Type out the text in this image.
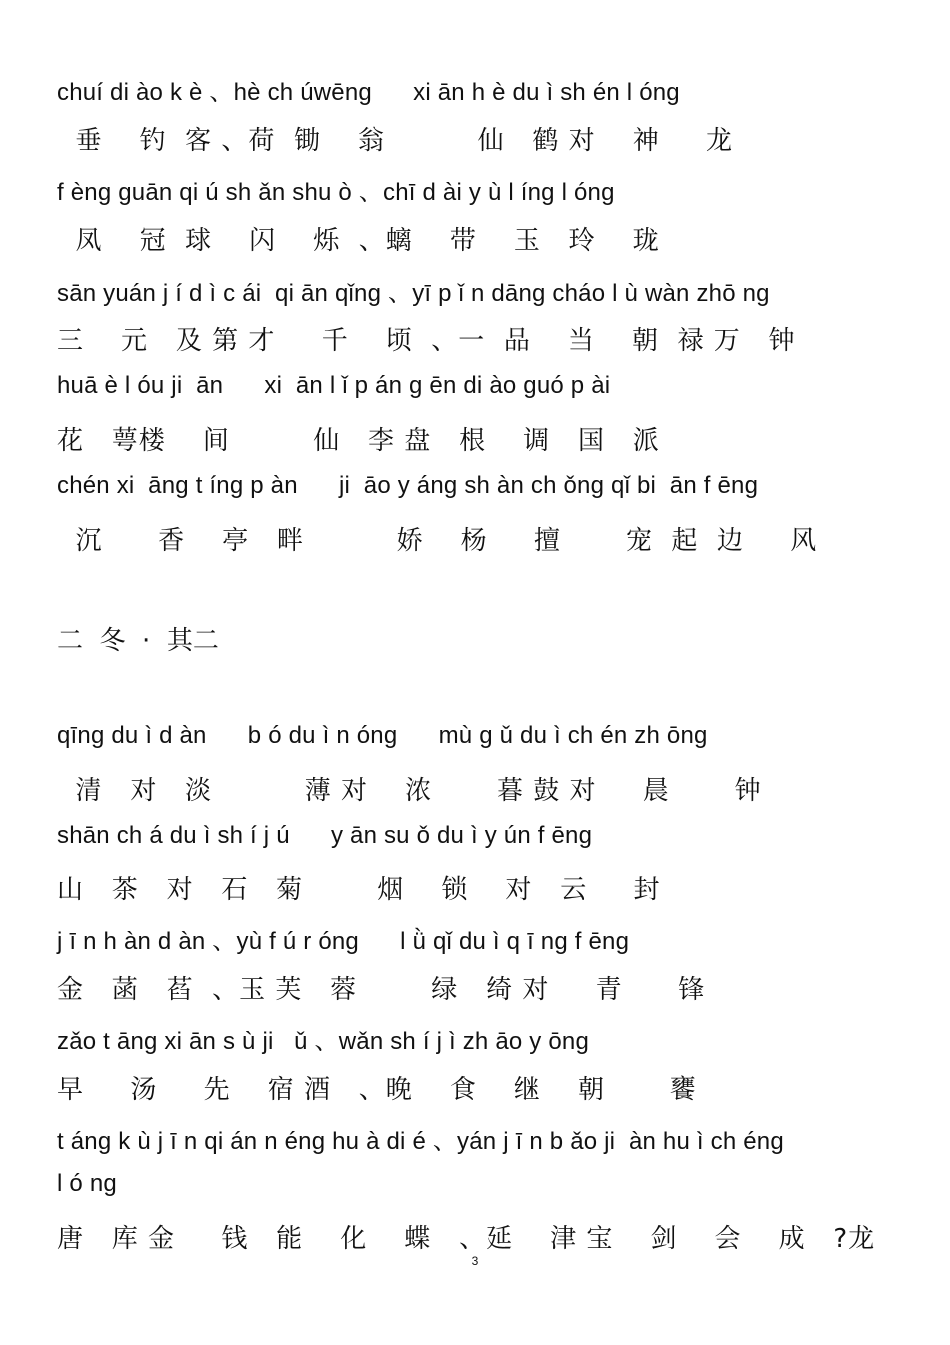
chuí di ào k è 、hè ch úwēng      xi ān h è du ì sh én l óng
垂    钓  客 、荷  锄    翁          仙   鹤 对    神     龙
f èng guān qi ú sh ǎn shu ò 、chī d ài y ù l íng l óng
凤    冠  球    闪    烁  、螭    带    玉   玲    珑
sān yuán j í d ì c ái  qi ān qǐng 、yī p ǐ n dāng cháo l ù wàn zhō ng
三    元   及 第 才     千    顷  、一  品    当    朝  禄 万   钟
huā è l óu ji  ān      xi  ān l ǐ p án g ēn di ào guó p ài
花   萼楼    间         仙   李 盘   根    调   国   派
chén xi  āng t íng p àn      ji  āo y áng sh àn ch ǒng qǐ bi  ān f ēng
沉      香    亭   畔          娇    杨     擅       宠  起  边     风
二  冬  ·  其二
qīng du ì d àn      b ó du ì n óng      mù g ǔ du ì ch én zh ōng
清   对   淡          薄 对    浓       暮 鼓 对     晨       钟
shān ch á du ì sh í j ú      y ān su ǒ du ì y ún f ēng
山   茶   对   石   菊        烟    锁    对   云     封
j ī n h àn d àn 、yù f ú r óng      l ǜ qǐ du ì q ī ng f ēng
金   菡   萏  、玉 芙   蓉        绿   绮 对     青      锋
zǎo t āng xi ān s ù ji   ǔ 、wǎn sh í j ì zh āo y ōng
早     汤     先    宿 酒   、晚    食    继    朝       饔
t áng k ù j ī n qi án n éng hu à di é 、yán j ī n b ǎo ji  àn hu ì ch éng
l ó ng
唐   库 金     钱   能    化    蝶   、延    津 宝    剑    会    成   ?龙
3
